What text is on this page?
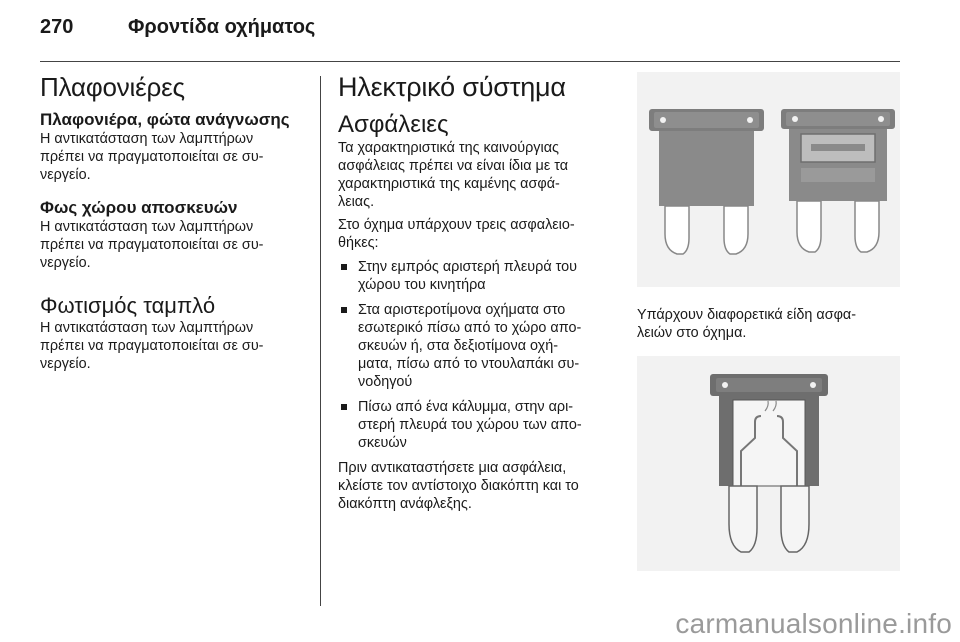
270	Φροντίδα οχήματος
Πλαφονιέρες
Πλαφονιέρα, φώτα ανάγνωσης

Η αντικατάσταση των λαμπτήρων
πρέπει να πραγματοποιείται σε συ-
νεργείο.

Φως χώρου αποσκευών

Η αντικατάσταση των λαμπτήρων
πρέπει να πραγματοποιείται σε συ-
νεργείο.

Φωτισμός ταμπλό

Η αντικατάσταση των λαμπτήρων
πρέπει να πραγματοποιείται σε συ-
νεργείο.

Ηλεκτρικό σύστημα
Ασφάλειες

Τα χαρακτηριστικά της καινούργιας
ασφάλειας πρέπει να είναι ίδια με τα
χαρακτηριστικά της καμένης ασφά-
λειας.

Στο όχημα υπάρχουν τρεις ασφαλειο-
θήκες:

Στην εμπρός αριστερή πλευρά του
χώρου του κινητήρα
Στα αριστεροτίμονα οχήματα στο
εσωτερικό πίσω από το χώρο απο-
σκευών ή, στα δεξιοτίμονα οχή-
ματα, πίσω από το ντουλαπάκι συ-
νοδηγού
Πίσω από ένα κάλυμμα, στην αρι-
στερή πλευρά του χώρου των απο-
σκευών

Πριν αντικαταστήσετε μια ασφάλεια,
κλείστε τον αντίστοιχο διακόπτη και το
διακόπτη ανάφλεξης.

Υπάρχουν διαφορετικά είδη ασφα-
λειών στο όχημα.

carmanualsonline.info
